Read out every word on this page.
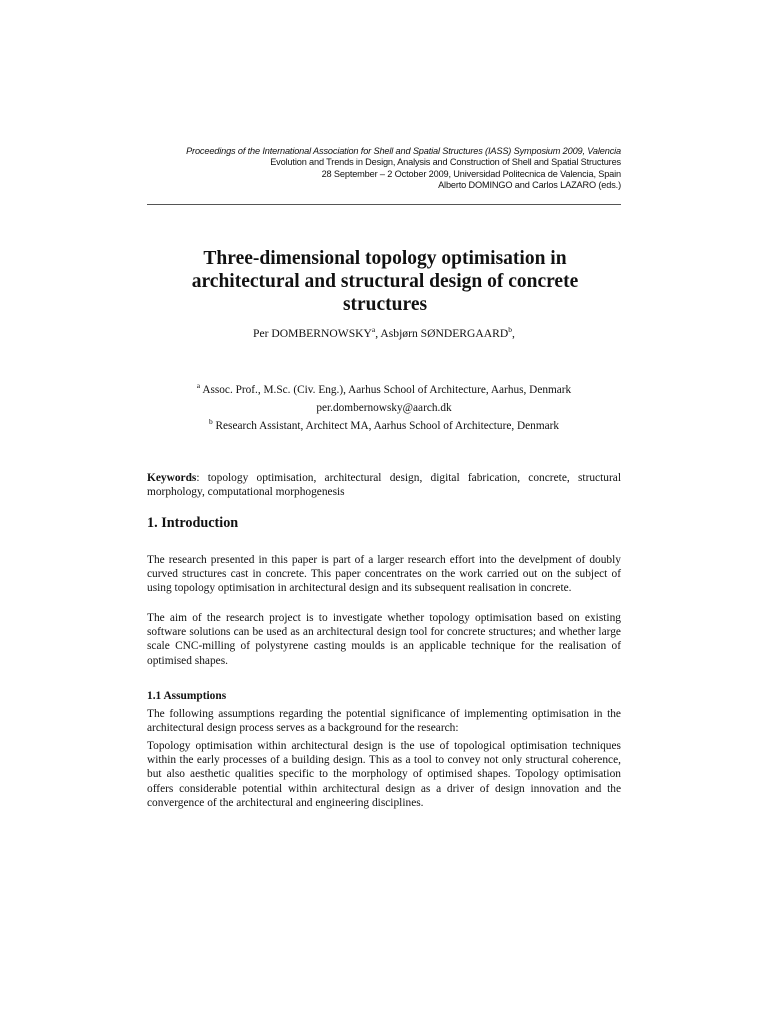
Proceedings of the International Association for Shell and Spatial Structures (IASS) Symposium 2009, Valencia
Evolution and Trends in Design, Analysis and Construction of Shell and Spatial Structures
28 September – 2 October 2009, Universidad Politecnica de Valencia, Spain
Alberto DOMINGO and Carlos LAZARO (eds.)
Three-dimensional topology optimisation in
architectural and structural design of concrete
structures
Per DOMBERNOWSKY$^a$, Asbjørn SØNDERGAARD$^b$,
$^a$ Assoc. Prof., M.Sc. (Civ. Eng.), Aarhus School of Architecture, Aarhus, Denmark
per.dombernowsky@aarch.dk
$^b$ Research Assistant, Architect MA, Aarhus School of Architecture, Denmark
Keywords: topology optimisation, architectural design, digital fabrication, concrete, structural morphology, computational morphogenesis
1. Introduction

The research presented in this paper is part of a larger research effort into the develpment of doubly curved structures cast in concrete. This paper concentrates on the work carried out on the subject of using topology optimisation in architectural design and its subsequent realisation in concrete.

The aim of the research project is to investigate whether topology optimisation based on existing software solutions can be used as an architectural design tool for concrete structures; and whether large scale CNC-milling of polystyrene casting moulds is an applicable technique for the realisation of optimised shapes.

1.1 Assumptions

The following assumptions regarding the potential significance of implementing optimisation in the architectural design process serves as a background for the research:

Topology optimisation within architectural design is the use of topological optimisation techniques within the early processes of a building design. This as a tool to convey not only structural coherence, but also aesthetic qualities specific to the morphology of optimised shapes. Topology optimisation offers considerable potential within architectural design as a driver of design innovation and the convergence of the architectural and engineering disciplines.
